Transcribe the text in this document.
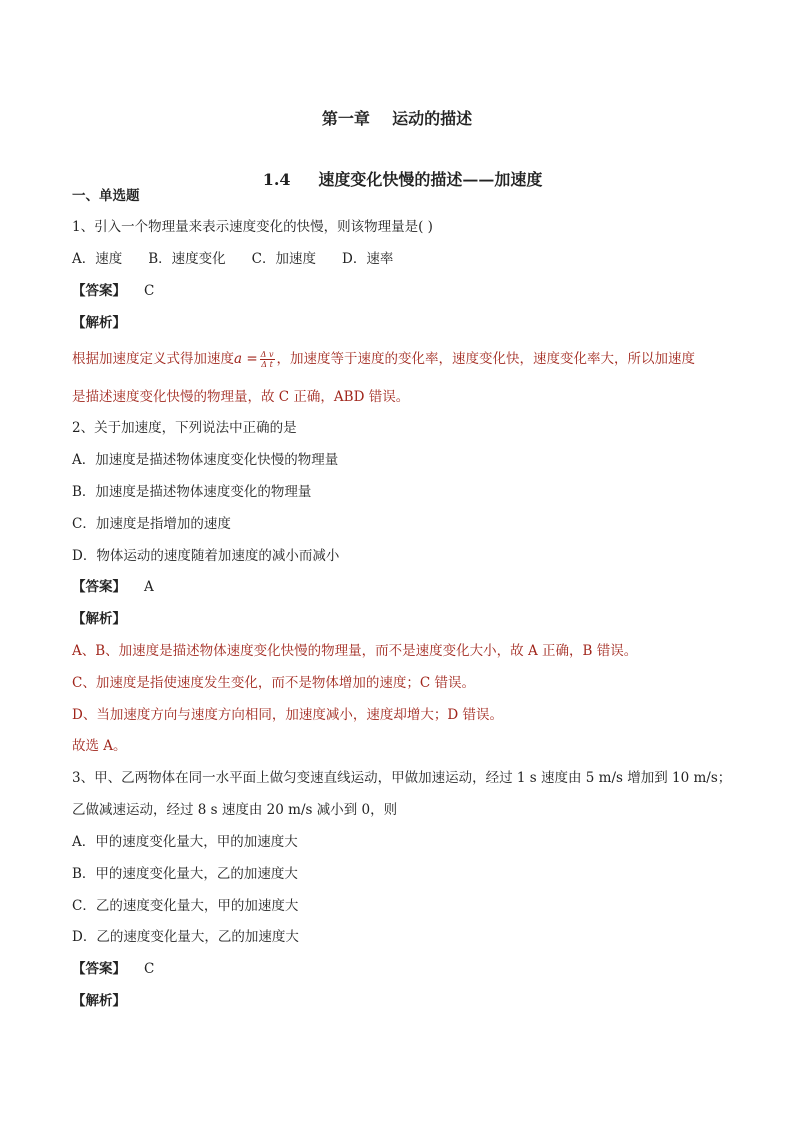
第一章    运动的描述

1.4 速度变化快慢的描述——加速度

一、单选题
1、引入一个物理量来表示速度变化的快慢，则该物理量是( )
A．速度 B．速度变化 C．加速度 D．速率
【答案】 C
【解析】
根据加速度定义式得加速度$a = \frac{\text{Δ v}}{\text{Δ t}}$ ，加速度等于速度的变化率，速度变化快，速度变化率大，所以加速度
是描述速度变化快慢的物理量，故 C 正确，ABD 错误。
2、关于加速度，下列说法中正确的是
A．加速度是描述物体速度变化快慢的物理量
B．加速度是描述物体速度变化的物理量
C．加速度是指增加的速度
D．物体运动的速度随着加速度的减小而减小
【答案】 A
【解析】
A、B、加速度是描述物体速度变化快慢的物理量，而不是速度变化大小，故 A 正确，B 错误。
C、加速度是指使速度发生变化，而不是物体增加的速度；C 错误。
D、当加速度方向与速度方向相同，加速度减小，速度却增大；D 错误。
故选 A。
3、甲、乙两物体在同一水平面上做匀变速直线运动，甲做加速运动，经过 1 s 速度由 5 m/s 增加到 10 m/s；
乙做减速运动，经过 8 s 速度由 20 m/s 减小到 0，则
A．甲的速度变化量大，甲的加速度大
B．甲的速度变化量大，乙的加速度大
C．乙的速度变化量大，甲的加速度大
D．乙的速度变化量大，乙的加速度大
【答案】 C
【解析】
